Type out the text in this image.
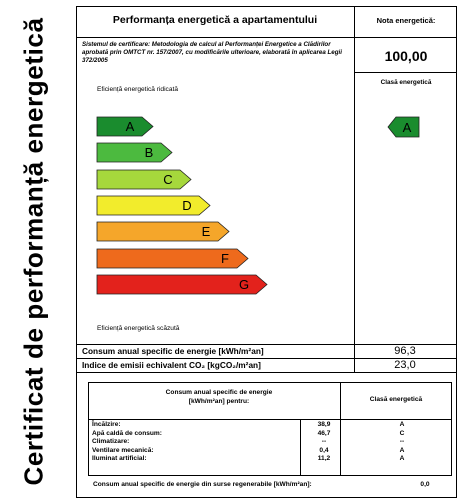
Certificat de performanță energetică	Performanța energetică a apartamentului	Nota energetică:
Sistemul de certificare: Metodologia de calcul al Performanței Energetice a Clădirilor aprobată prin OMTCT nr. 157/2007, cu modificările ulterioare, elaborată în aplicarea Legii 372/2005	100,00
Clasă energetică
Eficiență energetică ridicată
A
B
C
D
E
F
G
A
Eficiență energetică scăzută
Consum anual specific de energie [kWh/m²an]	96,3
Indice de emisii echivalent CO₂ [kgCO₂/m²an]	23,0
Consum anual specific de energie [kWh/m²an] pentru:	Clasă energetică
Încălzire:	38,9	A
Apă caldă de consum:	46,7	C
Climatizare:	--	--
Ventilare mecanică:	0,4	A
Iluminat artificial:	11,2	A
Consum anual specific de energie din surse regenerabile [kWh/m²an]:	0,0
